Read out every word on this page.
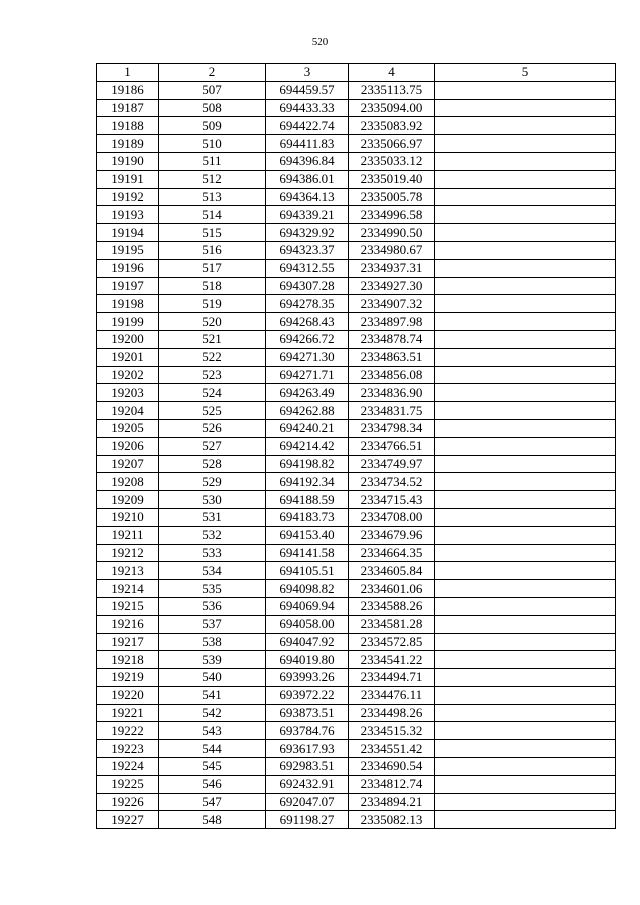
520
1	2	3	4	5
19186	507	694459.57	2335113.75	
19187	508	694433.33	2335094.00	
19188	509	694422.74	2335083.92	
19189	510	694411.83	2335066.97	
19190	511	694396.84	2335033.12	
19191	512	694386.01	2335019.40	
19192	513	694364.13	2335005.78	
19193	514	694339.21	2334996.58	
19194	515	694329.92	2334990.50	
19195	516	694323.37	2334980.67	
19196	517	694312.55	2334937.31	
19197	518	694307.28	2334927.30	
19198	519	694278.35	2334907.32	
19199	520	694268.43	2334897.98	
19200	521	694266.72	2334878.74	
19201	522	694271.30	2334863.51	
19202	523	694271.71	2334856.08	
19203	524	694263.49	2334836.90	
19204	525	694262.88	2334831.75	
19205	526	694240.21	2334798.34	
19206	527	694214.42	2334766.51	
19207	528	694198.82	2334749.97	
19208	529	694192.34	2334734.52	
19209	530	694188.59	2334715.43	
19210	531	694183.73	2334708.00	
19211	532	694153.40	2334679.96	
19212	533	694141.58	2334664.35	
19213	534	694105.51	2334605.84	
19214	535	694098.82	2334601.06	
19215	536	694069.94	2334588.26	
19216	537	694058.00	2334581.28	
19217	538	694047.92	2334572.85	
19218	539	694019.80	2334541.22	
19219	540	693993.26	2334494.71	
19220	541	693972.22	2334476.11	
19221	542	693873.51	2334498.26	
19222	543	693784.76	2334515.32	
19223	544	693617.93	2334551.42	
19224	545	692983.51	2334690.54	
19225	546	692432.91	2334812.74	
19226	547	692047.07	2334894.21	
19227	548	691198.27	2335082.13	
